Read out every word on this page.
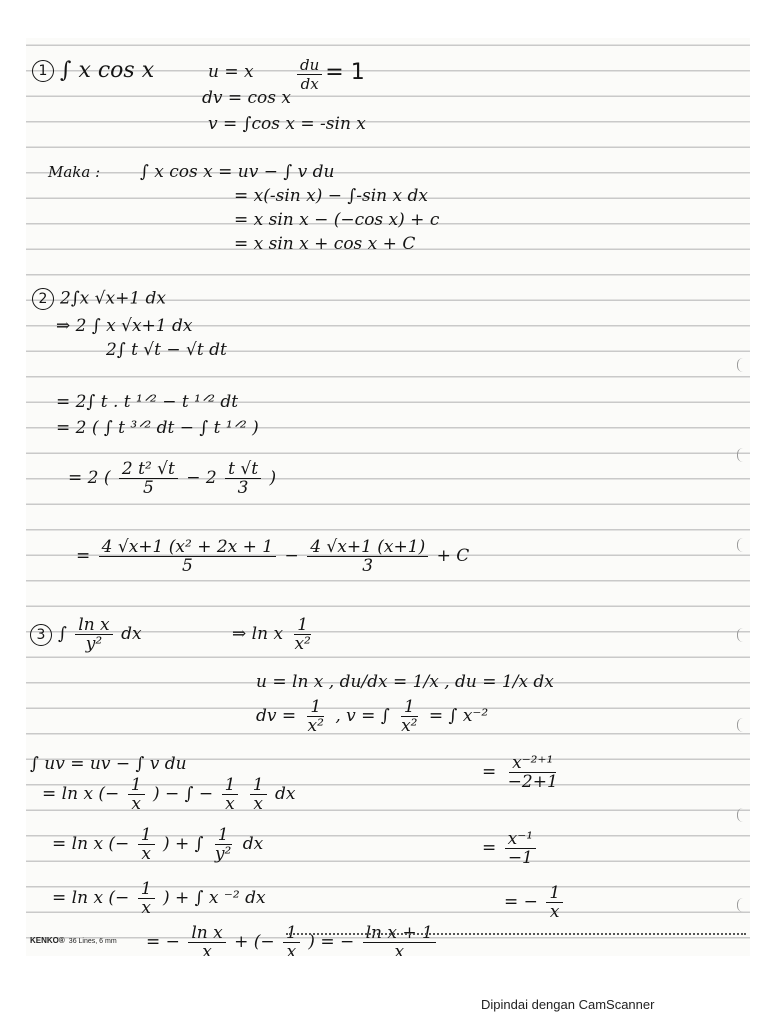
1 ∫ x cos x	u = x	$\frac{du}{dx} = 1$
dv = cos x
v = ∫cos x = -sin x
Maka : ∫ x cos x = uv − ∫ v du
= x(-sin x) − ∫-sin x dx
= x sin x − (−cos x) + c
= x sin x + cos x + C
2 2∫x √x+1 dx
⇒ 2 ∫ x √x+1 dx
2∫ t √t − √t dt
= 2∫ t . t ¹ᐟ² − t ¹ᐟ² dt
= 2 ( ∫ t ³ᐟ² dt − ∫ t ¹ᐟ² )
= 2 ( $\frac{\text{2 t² √t}}{5} - 2 \frac{t √t}{3}$ )
= $\frac{\text{4 √x+1 (x² + 2x + 1}}{5} - \frac{4 √x+1 (x+1)}{3} + C$
3 ∫ $\frac{\text{ln x}}{\text{y²}}$ dx	⇒ ln x $\frac{1}{\text{x²}}$
u = ln x , du/dx = 1/x , du = 1/x dx
dv = $\frac{1}{\text{x²}}$ , v = ∫ $\frac{1}{\text{x²}}$ = ∫ x⁻²
∫ uv = uv − ∫ v du
= ln x (− $\frac{1}{x}$ ) − ∫ − $\frac{1}{x}$
$\frac{1}{x}$ dx
= ln x (− $\frac{1}{x}$ ) + ∫ $\frac{1}{\text{y²}}$ dx
= ln x (− $\frac{1}{x}$ ) + ∫ x ⁻² dx
= − $\frac{\text{ln x}}{x}$ + (− $\frac{1}{x}$ ) = − $\frac{\text{ln x + 1}}{x}$
= $\frac{\text{x⁻²⁺¹}}{-2+1}$
= $\frac{\text{x⁻¹}}{-1}$
= − $\frac{1}{x}$
KENKO® 36 Lines, 6 mm
Dipindai dengan CamScanner
